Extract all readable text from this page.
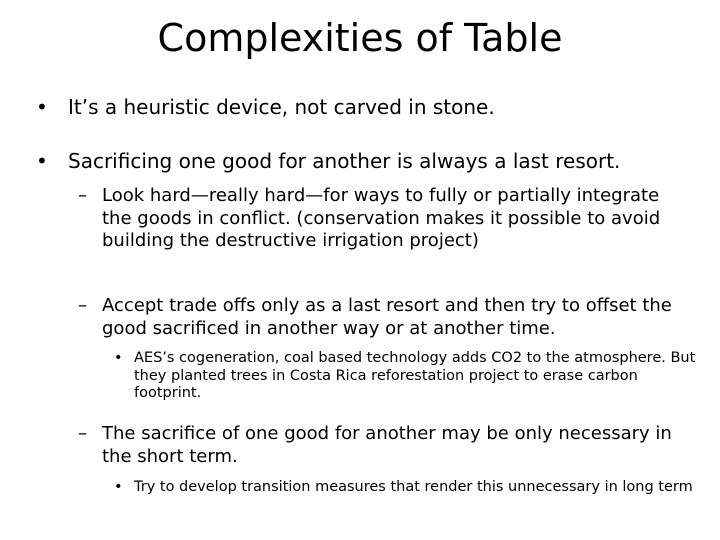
Complexities of Table
•	It’s a heuristic device, not carved in stone.
•	Sacrificing one good for another is always a last resort.
– Look hard—really hard—for ways to fully or partially integrate the goods in conflict. (conservation makes it possible to avoid building the destructive irrigation project)
– Accept trade offs only as a last resort and then try to offset the good sacrificed in another way or at another time.
• AES’s cogeneration, coal based technology adds CO2 to the atmosphere. But they planted trees in Costa Rica reforestation project to erase carbon footprint.
– The sacrifice of one good for another may be only necessary in the short term.
• Try to develop transition measures that render this unnecessary in long term
